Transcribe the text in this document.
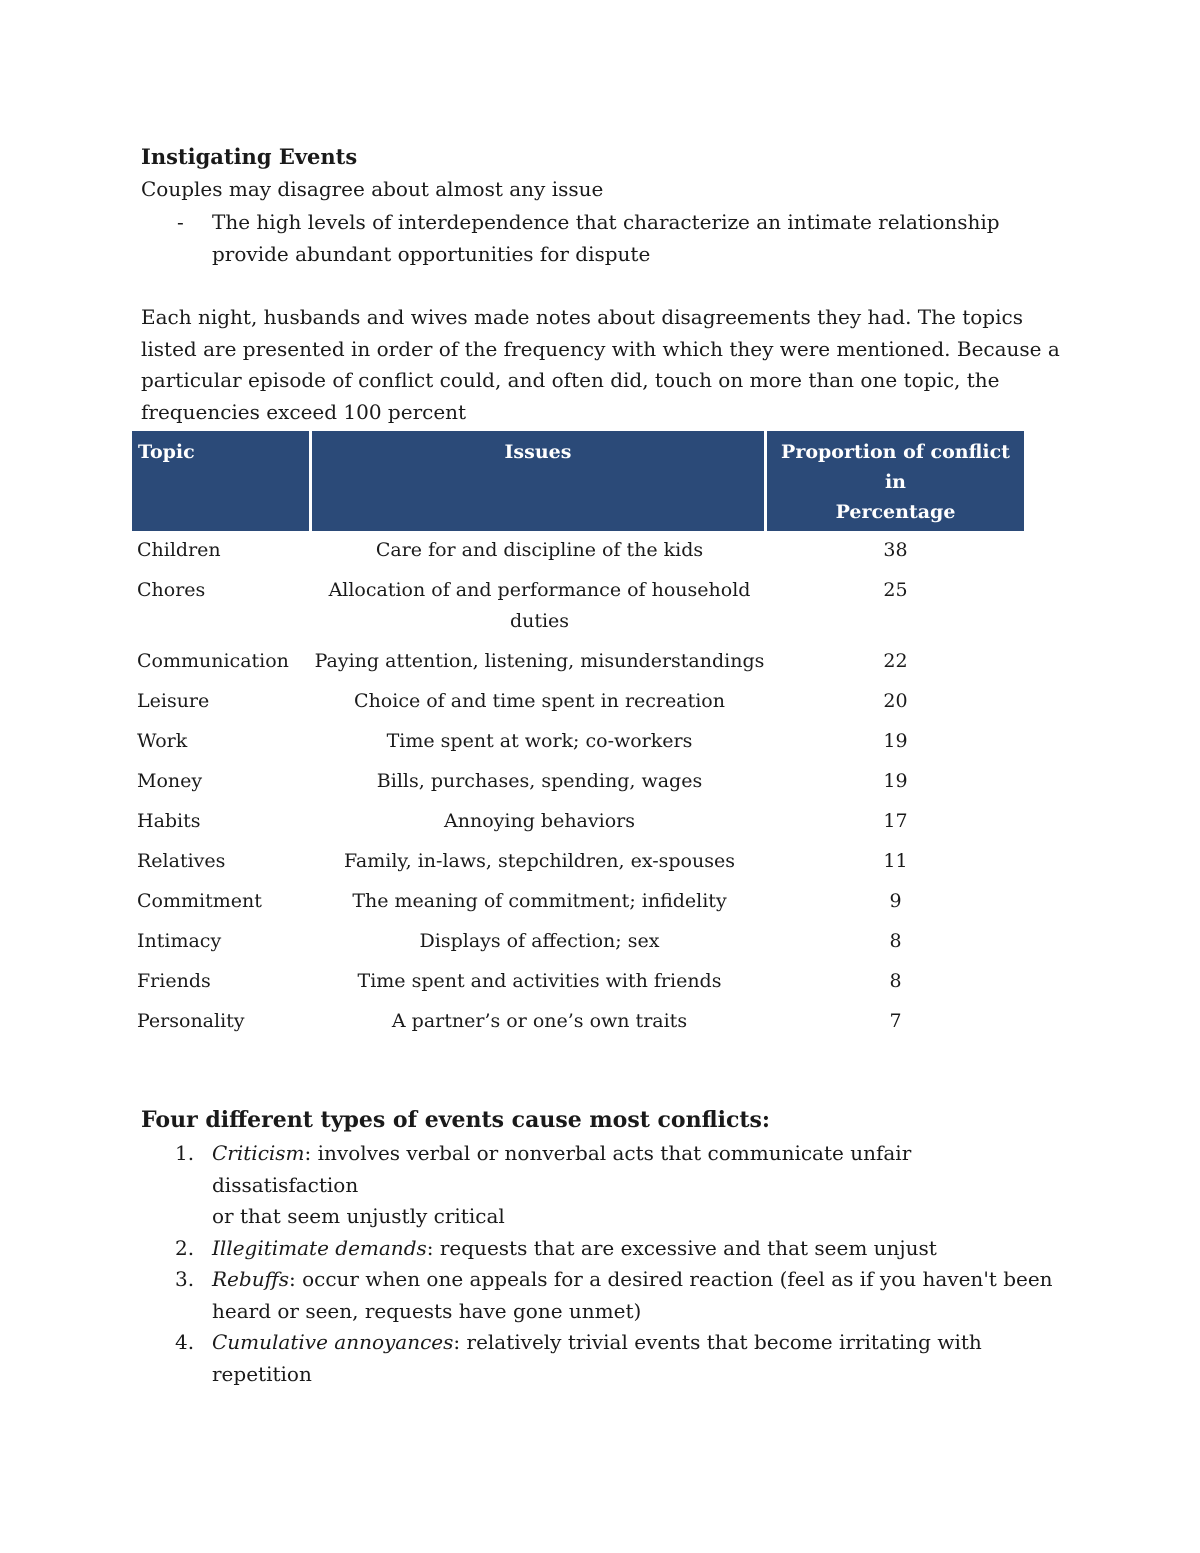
Instigating Events
Couples may disagree about almost any issue
- The high levels of interdependence that characterize an intimate relationship
provide abundant opportunities for dispute
Each night, husbands and wives made notes about disagreements they had. The topics
listed are presented in order of the frequency with which they were mentioned. Because a
particular episode of conflict could, and often did, touch on more than one topic, the
frequencies exceed 100 percent
Topic	Issues	Proportion of conflict in
Percentage

Children	Care for and discipline of the kids	38
Chores	Allocation of and performance of household
duties	25
Communication	Paying attention, listening, misunderstandings	22
Leisure	Choice of and time spent in recreation	20
Work	Time spent at work; co-workers	19
Money	Bills, purchases, spending, wages	19
Habits	Annoying behaviors	17
Relatives	Family, in-laws, stepchildren, ex-spouses	11
Commitment	The meaning of commitment; infidelity	9
Intimacy	Displays of affection; sex	8
Friends	Time spent and activities with friends	8
Personality	A partner’s or one’s own traits	7
Four different types of events cause most conflicts:
1. Criticism: involves verbal or nonverbal acts that communicate unfair dissatisfaction
or that seem unjustly critical
2. Illegitimate demands: requests that are excessive and that seem unjust
3. Rebuffs: occur when one appeals for a desired reaction (feel as if you haven't been
heard or seen, requests have gone unmet)
4. Cumulative annoyances: relatively trivial events that become irritating with
repetition
